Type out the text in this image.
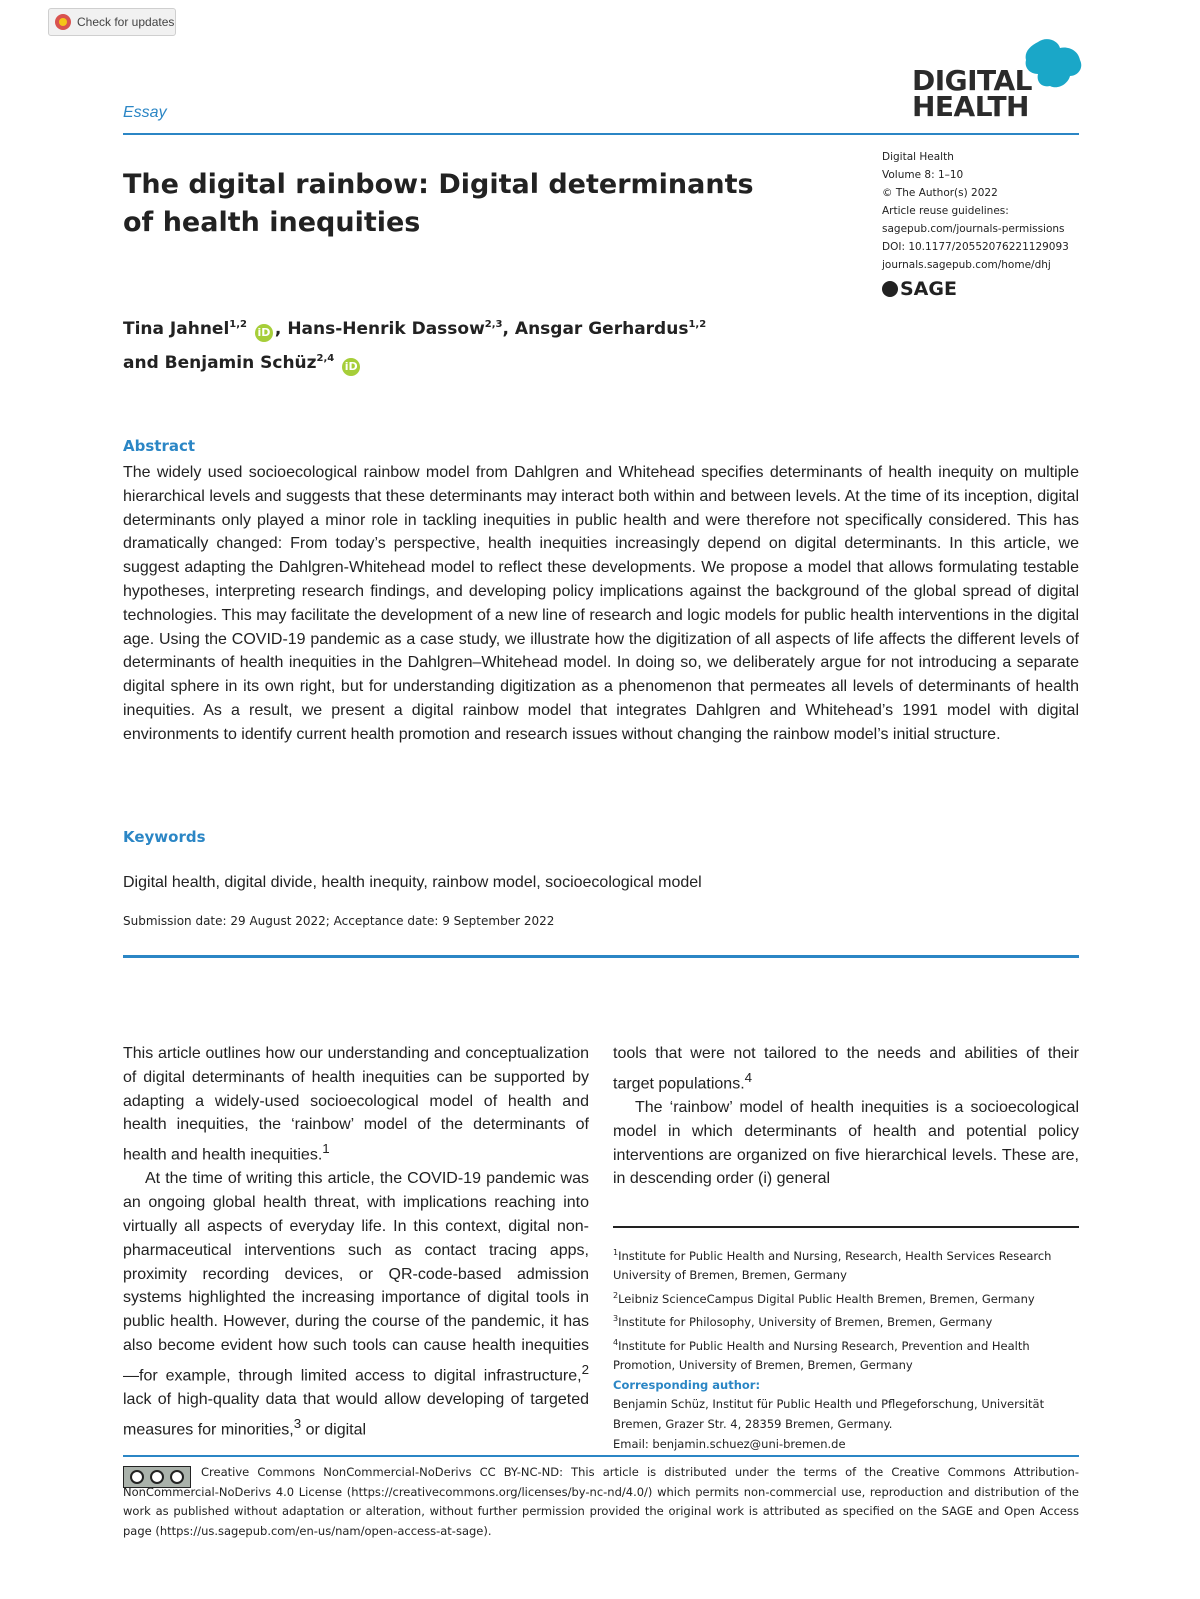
Check for updates
DIGITAL
HEALTH
Essay
The digital rainbow: Digital determinants of health inequities
Digital Health
Volume 8: 1–10
© The Author(s) 2022
Article reuse guidelines:
sagepub.com/journals-permissions
DOI: 10.1177/20552076221129093
journals.sagepub.com/home/dhj
SAGE
Tina Jahnel$^{1,2}$ iD , Hans-Henrik Dassow$^{2,3}$, Ansgar Gerhardus$^{1,2}$
and Benjamin Schüz$^{2,4}$ iD
Abstract

The widely used socioecological rainbow model from Dahlgren and Whitehead specifies determinants of health inequity on multiple hierarchical levels and suggests that these determinants may interact both within and between levels. At the time of its inception, digital determinants only played a minor role in tackling inequities in public health and were therefore not specifically considered. This has dramatically changed: From today’s perspective, health inequities increasingly depend on digital determinants. In this article, we suggest adapting the Dahlgren-Whitehead model to reflect these developments. We propose a model that allows formulating testable hypotheses, interpreting research findings, and developing policy implications against the background of the global spread of digital technologies. This may facilitate the development of a new line of research and logic models for public health interventions in the digital age. Using the COVID-19 pandemic as a case study, we illustrate how the digitization of all aspects of life affects the different levels of determinants of health inequities in the Dahlgren–Whitehead model. In doing so, we deliberately argue for not introducing a separate digital sphere in its own right, but for understanding digitization as a phenomenon that permeates all levels of determinants of health inequities. As a result, we present a digital rainbow model that integrates Dahlgren and Whitehead’s 1991 model with digital environments to identify current health promotion and research issues without changing the rainbow model’s initial structure.

Keywords
Digital health, digital divide, health inequity, rainbow model, socioecological model
Submission date: 29 August 2022; Acceptance date: 9 September 2022

This article outlines how our understanding and conceptualization of digital determinants of health inequities can be supported by adapting a widely-used socioecological model of health and health inequities, the ‘rainbow’ model of the determinants of health and health inequities.$^1$

At the time of writing this article, the COVID-19 pandemic was an ongoing global health threat, with implications reaching into virtually all aspects of everyday life. In this context, digital non-pharmaceutical interventions such as contact tracing apps, proximity recording devices, or QR-code-based admission systems highlighted the increasing importance of digital tools in public health. However, during the course of the pandemic, it has also become evident how such tools can cause health inequities—for example, through limited access to digital infrastructure,$^2$ lack of high-quality data that would allow developing of targeted measures for minorities,$^3$ or digital

tools that were not tailored to the needs and abilities of their target populations.$^4$

The ‘rainbow’ model of health inequities is a socioecological model in which determinants of health and potential policy interventions are organized on five hierarchical levels. These are, in descending order (i) general

$^1$Institute for Public Health and Nursing, Research, Health Services Research University of Bremen, Bremen, Germany
$^2$Leibniz ScienceCampus Digital Public Health Bremen, Bremen, Germany
$^3$Institute for Philosophy, University of Bremen, Bremen, Germany
$^4$Institute for Public Health and Nursing Research, Prevention and Health Promotion, University of Bremen, Bremen, Germany
Corresponding author:
Benjamin Schüz, Institut für Public Health und Pflegeforschung, Universität Bremen, Grazer Str. 4, 28359 Bremen, Germany.
Email: benjamin.schuez@uni-bremen.de

Creative Commons NonCommercial-NoDerivs CC BY-NC-ND: This article is distributed under the terms of the Creative Commons Attribution-NonCommercial-NoDerivs 4.0 License (https://creativecommons.org/licenses/by-nc-nd/4.0/) which permits non-commercial use, reproduction and distribution of the work as published without adaptation or alteration, without further permission provided the original work is attributed as specified on the SAGE and Open Access page (https://us.sagepub.com/en-us/nam/open-access-at-sage).
